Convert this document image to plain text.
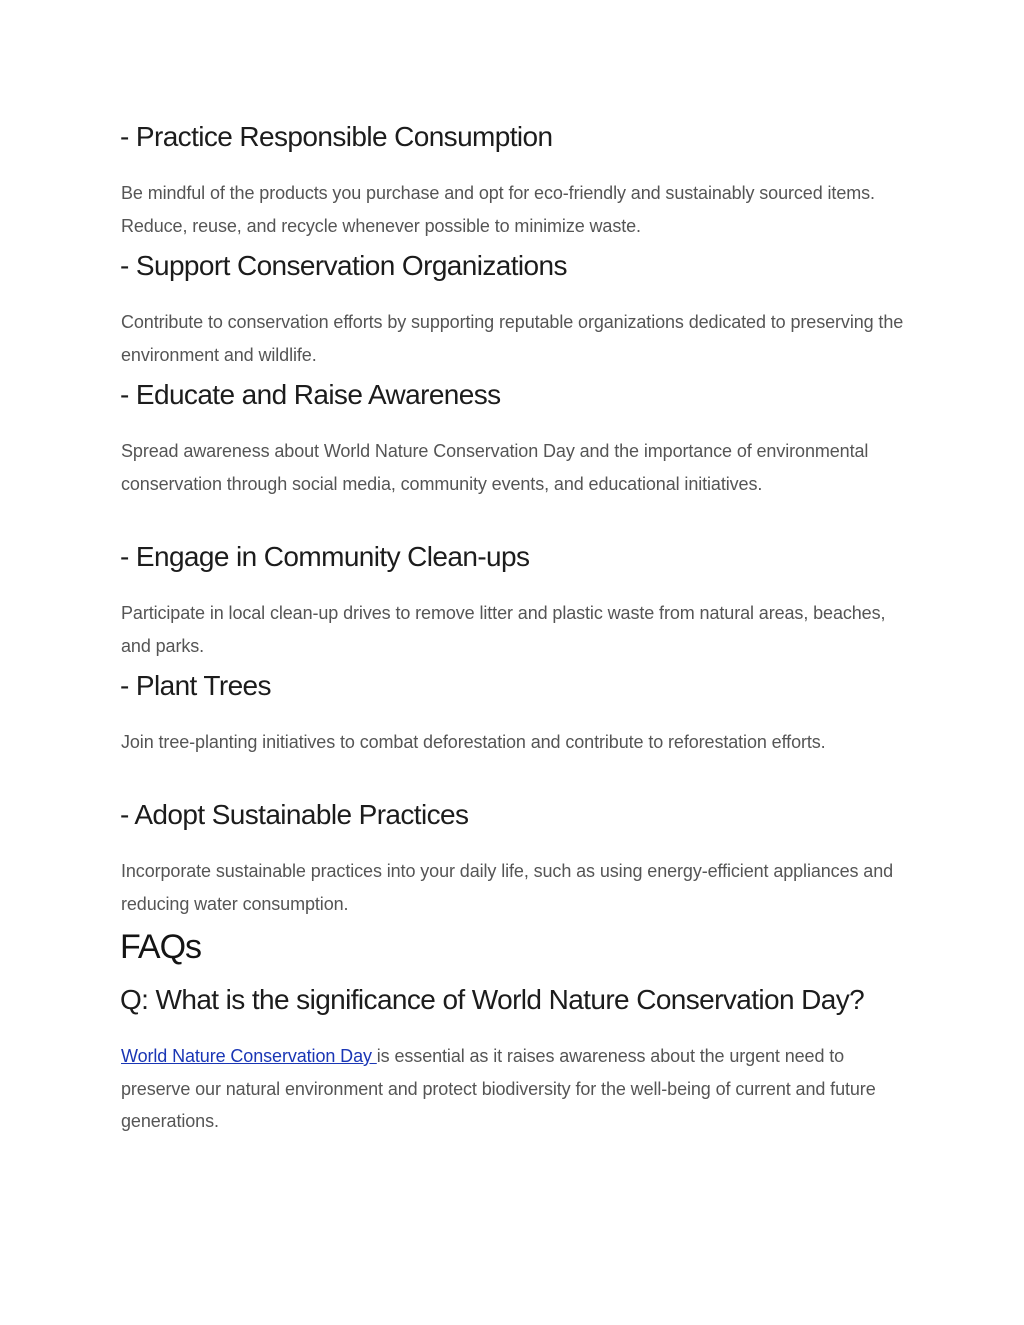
- Practice Responsible Consumption

Be mindful of the products you purchase and opt for eco-friendly and sustainably sourced items. Reduce, reuse, and recycle whenever possible to minimize waste.

- Support Conservation Organizations

Contribute to conservation efforts by supporting reputable organizations dedicated to preserving the environment and wildlife.

- Educate and Raise Awareness

Spread awareness about World Nature Conservation Day and the importance of environmental conservation through social media, community events, and educational initiatives.

- Engage in Community Clean-ups

Participate in local clean-up drives to remove litter and plastic waste from natural areas, beaches, and parks.

- Plant Trees

Join tree-planting initiatives to combat deforestation and contribute to reforestation efforts.

- Adopt Sustainable Practices

Incorporate sustainable practices into your daily life, such as using energy-efficient appliances and reducing water consumption.

FAQs
Q: What is the significance of World Nature Conservation Day?

World Nature Conservation Day is essential as it raises awareness about the urgent need to preserve our natural environment and protect biodiversity for the well-being of current and future generations.
